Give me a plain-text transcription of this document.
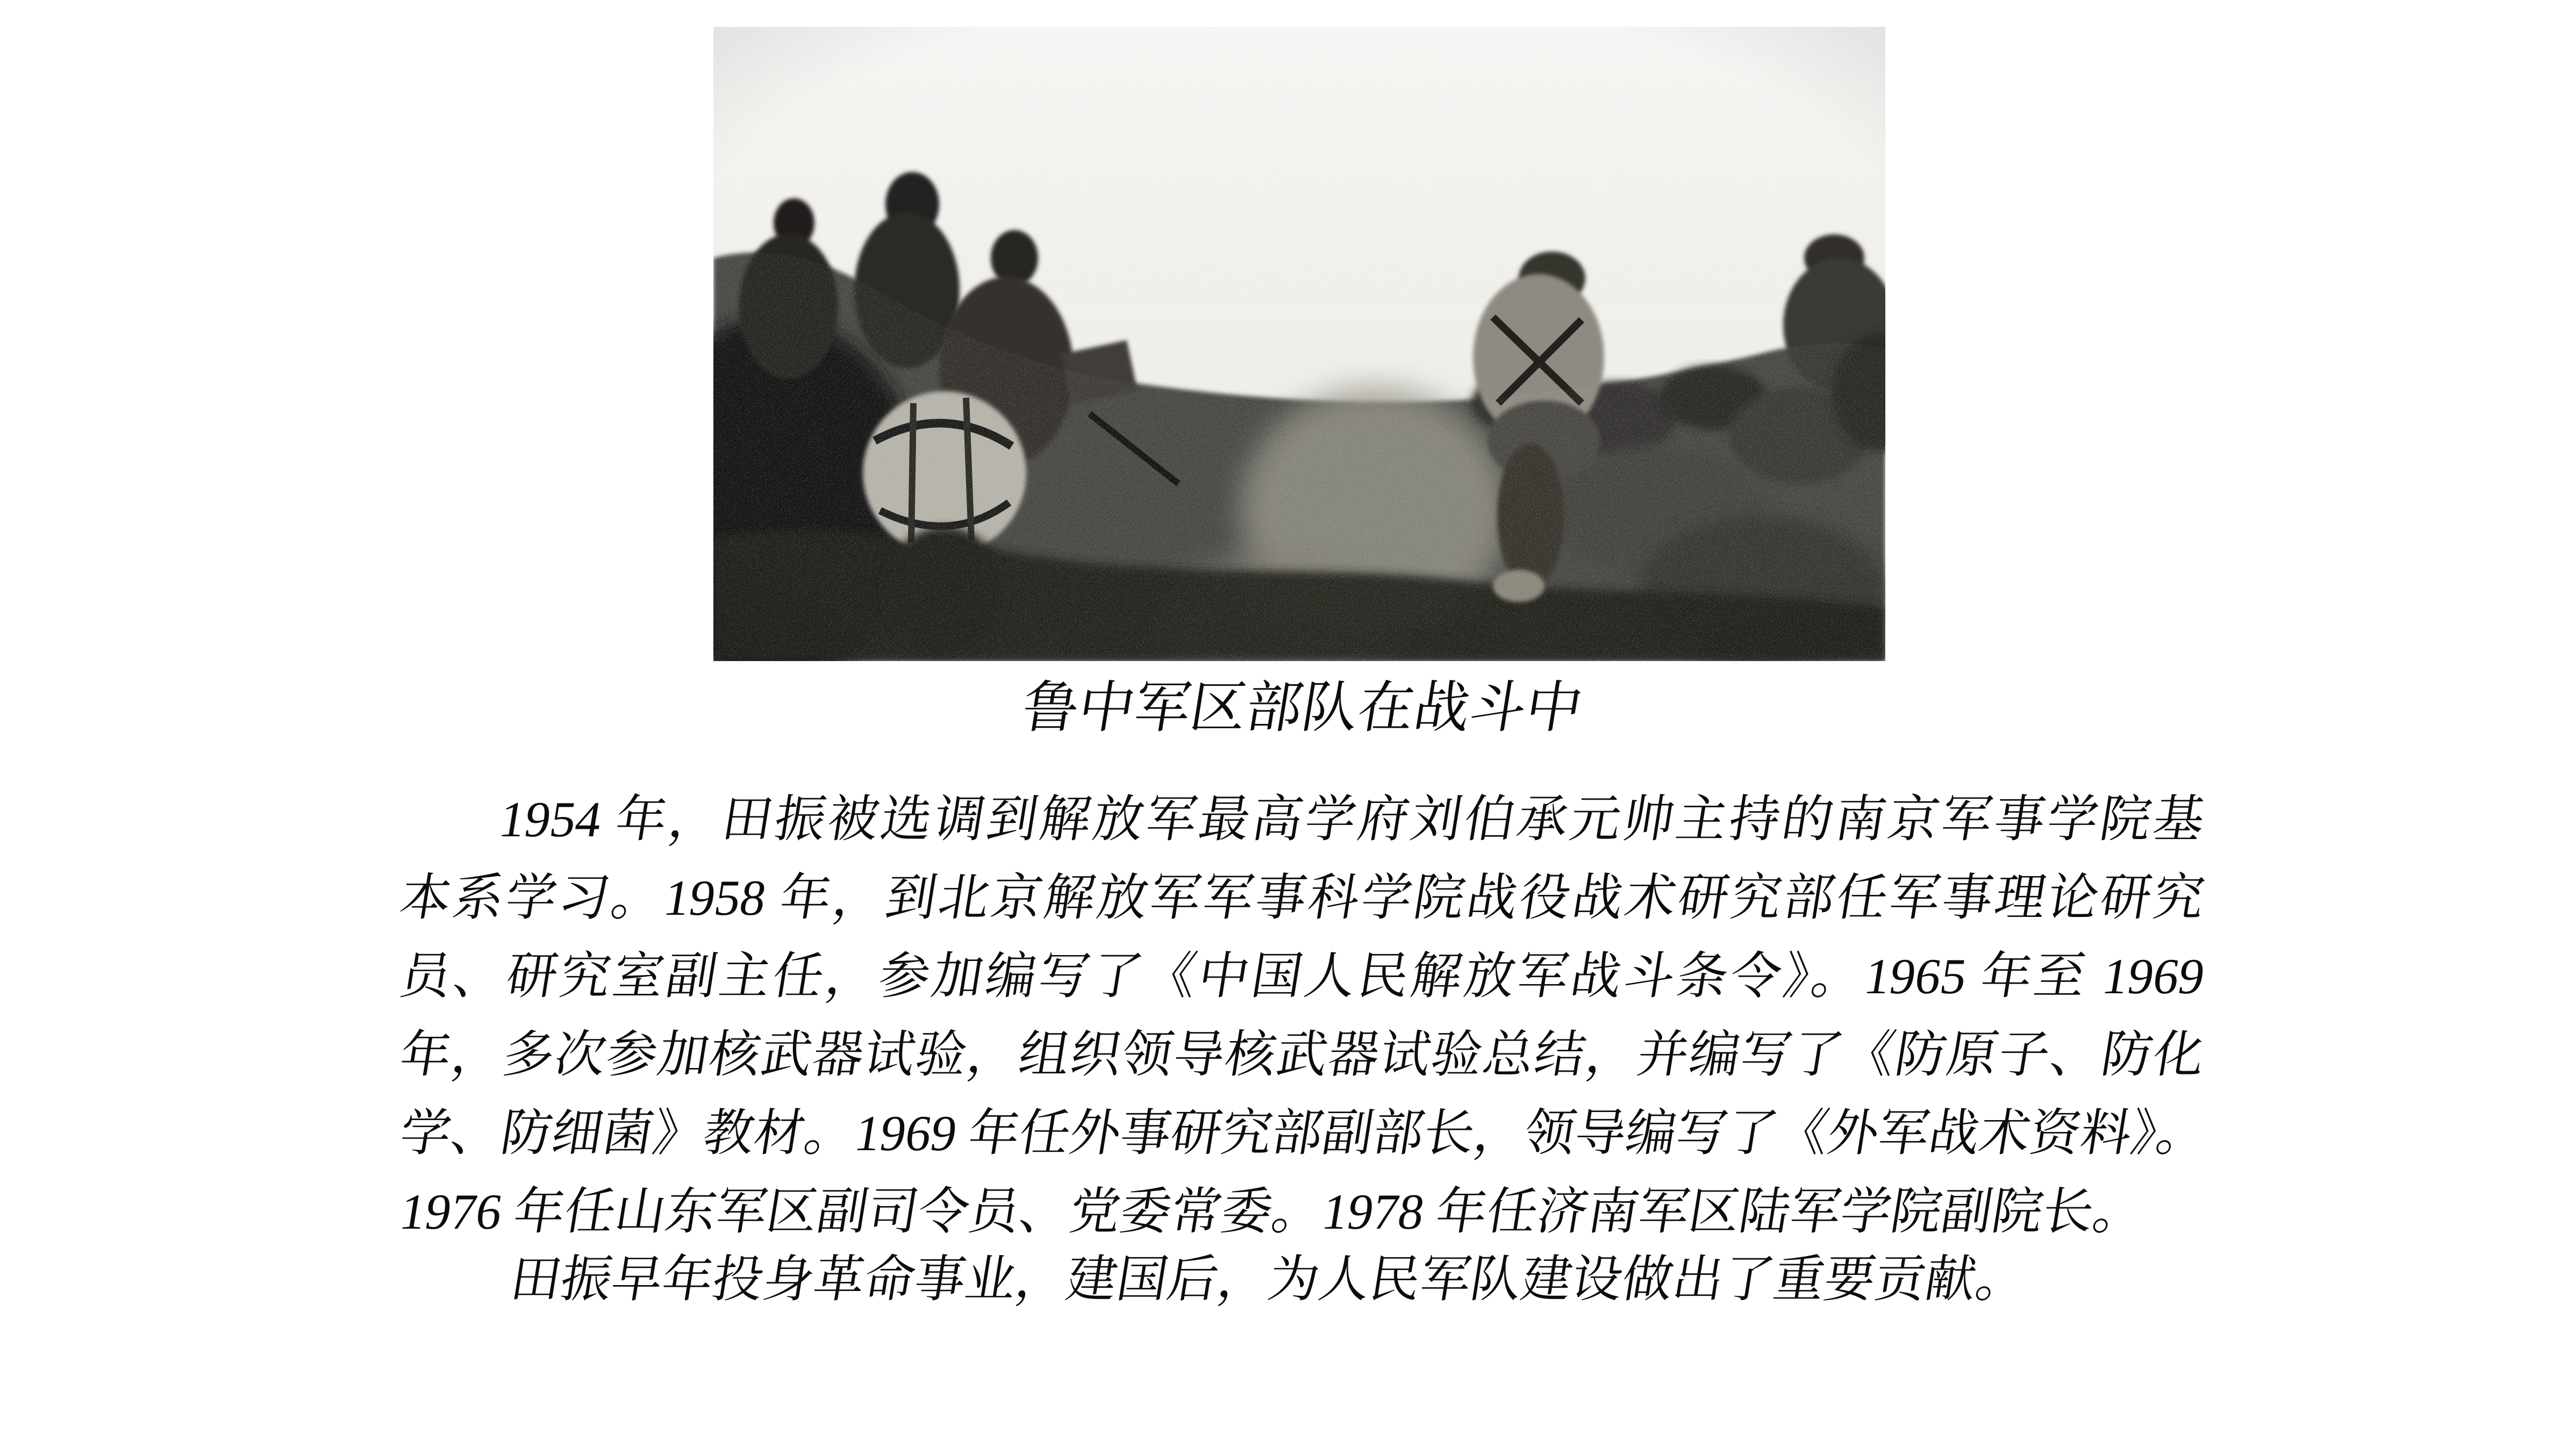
鲁中军区部队在战斗中
1954 年，田振被选调到解放军最高学府刘伯承元帅主持的南京军事学院基
本系学习。1958 年，到北京解放军军事科学院战役战术研究部任军事理论研究
员、研究室副主任，参加编写了《中国人民解放军战斗条令》。1965 年至 1969
年，多次参加核武器试验，组织领导核武器试验总结，并编写了《防原子、防化
学、防细菌》教材。1969 年任外事研究部副部长，领导编写了《外军战术资料》。
1976 年任山东军区副司令员、党委常委。1978 年任济南军区陆军学院副院长。
田振早年投身革命事业，建国后，为人民军队建设做出了重要贡献。
